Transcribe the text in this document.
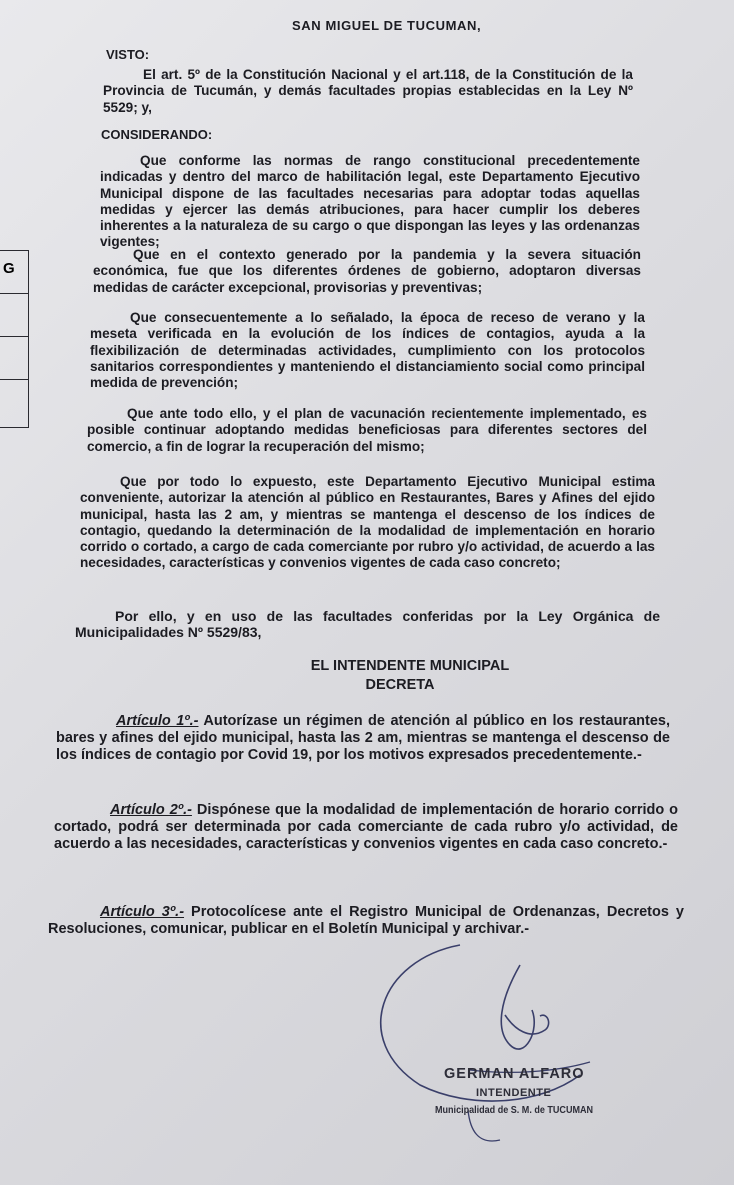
G
SAN MIGUEL DE TUCUMAN,
VISTO:

El art. 5º de la Constitución Nacional y el art.118, de la Constitución de la Provincia de Tucumán, y demás facultades propias establecidas en la Ley Nº 5529; y,

CONSIDERANDO:

Que conforme las normas de rango constitucional precedentemente indicadas y dentro del marco de habilitación legal, este Departamento Ejecutivo Municipal dispone de las facultades necesarias para adoptar todas aquellas medidas y ejercer las demás atribuciones, para hacer cumplir los deberes inherentes a la naturaleza de su cargo o que dispongan las leyes y las ordenanzas vigentes;

Que en el contexto generado por la pandemia y la severa situación económica, fue que los diferentes órdenes de gobierno, adoptaron diversas medidas de carácter excepcional, provisorias y preventivas;

Que consecuentemente a lo señalado, la época de receso de verano y la meseta verificada en la evolución de los índices de contagios, ayuda a la flexibilización de determinadas actividades, cumplimiento con los protocolos sanitarios correspondientes y manteniendo el distanciamiento social como principal medida de prevención;

Que ante todo ello, y el plan de vacunación recientemente implementado, es posible continuar adoptando medidas beneficiosas para diferentes sectores del comercio, a fin de lograr la recuperación del mismo;

Que por todo lo expuesto, este Departamento Ejecutivo Municipal estima conveniente, autorizar la atención al público en Restaurantes, Bares y Afines del ejido municipal, hasta las 2 am, y mientras se mantenga el descenso de los índices de contagio, quedando la determinación de la modalidad de implementación en horario corrido o cortado, a cargo de cada comerciante por rubro y/o actividad, de acuerdo a las necesidades, características y convenios vigentes de cada caso concreto;

Por ello, y en uso de las facultades conferidas por la Ley Orgánica de Municipalidades Nº 5529/83,

EL INTENDENTE MUNICIPAL
DECRETA

Artículo 1º.- Autorízase un régimen de atención al público en los restaurantes, bares y afines del ejido municipal, hasta las 2 am, mientras se mantenga el descenso de los índices de contagio por Covid 19, por los motivos expresados precedentemente.-

Artículo 2º.- Dispónese que la modalidad de implementación de horario corrido o cortado, podrá ser determinada por cada comerciante de cada rubro y/o actividad, de acuerdo a las necesidades, características y convenios vigentes en cada caso concreto.-

Artículo 3º.- Protocolícese ante el Registro Municipal de Ordenanzas, Decretos y Resoluciones, comunicar, publicar en el Boletín Municipal y archivar.-

GERMAN ALFARO
INTENDENTE
Municipalidad de S. M. de TUCUMAN
